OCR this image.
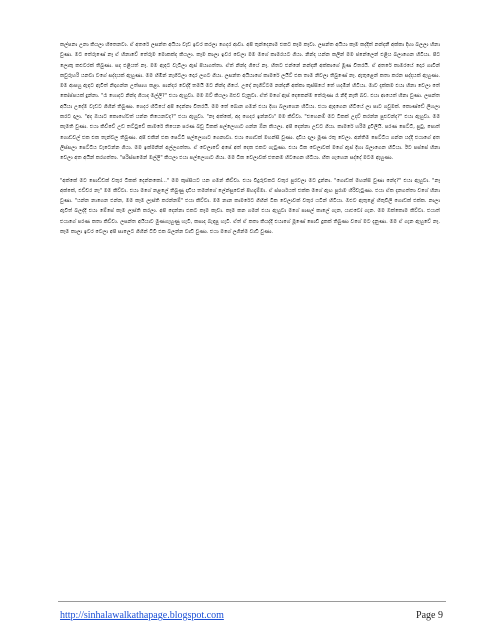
කල්පනා උනා කියලා හිතෙනවා. ඒ අතරේ ලසන්ත අයියා වැඩ ඉවර කරලා ගෙදර ආවා. අපි තුන්දෙනාම එකට කෑම කෑවා. ලසන්ත අයියා කෑම කද්දිත් නන්දනී අක්කා දිහා බලලා හිනා වුණා. මට තේරුණේ නෑ ඒ හිනාවේ තේරුම මොකක්ද කියලා. කෑම කාලා ඉවර වෙලා මම මගේ කාමරයට ගියා. නින්ද යන්න කලින් මම ජනේලෙන් එළිය බලාගෙන හිටියා. පිට ලොකු කළුවරක් තිබුණා. සද එළියත් නෑ. මම ඇඳට වැටිලා ඇස් පියාගත්තා. ඒත් නින්ද ගියේ නෑ. හිතට එන්නේ නන්දනී අක්කාගේ මූණ විතරයි. ඒ අතරේ කාමරයේ දොර ගාවින් කවුරුහරි යනවා වගේ සද්දයක් ඇහුණා. මම හිමින් නැගිටලා දොර ලගට ගියා. ලසන්ත අයියාගේ කාමරේ ලයිට් එක තාම නිවලා තිබුණේ නෑ. ඇතුළෙන් කතා කරන සද්දයක් ඇහුණා. මම ආපහු ඇඳට ඇවිත් නිදාගන්න උත්සාහ කළා. පාන්දර වෙද්දී තමයි මට නින්ද ගියේ. උදේ නැගිට්ටම නන්දනී අක්කා කුස්සියේ තේ හදමින් හිටියා. මාව දැක්කම එයා හිනා වෙලා තේ කෝප්පයක් දුන්නා. "රෑ හොදට නින්ද ගියාද මල්ලි?" එයා ඇහුවා. මම ඔව් කියලා ඔළුව වැනුවා. ඒත් මගේ ඇස් දෙකෙන්ම තේරුණා රෑ නිදි නැති බව. එයා ආයෙත් හිනා වුණා. ලසන්ත අයියා උදේම වැඩට ගිහින් තිබුණා. ගෙදර හිටියේ අපි දෙන්නා විතරයි. මම තේ බොන ගමන් එයා දිහා බලාගෙන හිටියා. එයා ඇඳගෙන හිටියේ ලා පාට ගවුමක්. කොණ්ඩේ ලිහලා කරට දාලා. "අද ඔයාට කොහේවත් යන්න තියෙනවද?" එයා ඇහුවා. "නෑ අක්කේ, අද ගෙදර ඉන්නවා" මම කිව්වා. "එහෙනම් මට ටිකක් උදව් කරන්න පුළුවන්ද?" එයා ඇහුවා. මම කැමති වුණා. එයා කිව්වේ උඩ තට්ටුවේ කාමරේ තියෙන පරණ බඩු ටිකක් පල්ලෙහාට ගන්න ඕන කියලා. අපි දෙන්නා උඩට ගියා. කාමරේ හරිම දූවිලියි. පරණ පෙට්ටි, පුටු, පොත් ගොඩවල් එක එක තැන්වල තිබුණා. අපි එකින් එක පෙට්ටි පල්ලෙහාට ගෙනාවා. එයා ගොඩක් මහන්සි වුණා. දාඩිය දාලා මූණ රතු වෙලා. අන්තිම පෙට්ටිය ගන්න යද්දී එයාගේ අත ලිස්සලා පෙට්ටිය වැටෙන්න ගියා. මම ඉක්මනින් අල්ලගත්තා. ඒ වෙලාවේ අපේ අත් දෙක එකට ගැටුණා. එයා ටික වෙලාවක් මගේ ඇස් දිහා බලාගෙන හිටියා. ඊට පස්සේ හිනා වෙලා අත අයින් කරගත්තා. "පරිස්සමෙන් මල්ලි" කියලා එයා පල්ලෙහාට ගියා. මම ටික වෙලාවක් එතනම හිටගෙන හිටියා. හිත ගැහෙන සද්දේ මටම ඇහුණා.

"අක්කේ මට පොඩ්ඩක් වතුර ටිකක් දෙන්නකෝ..." මම කුස්සියට යන ගමන් කිව්වා. එයා වීදුරුවකට වතුර පුරවලා මට දුන්නා. "ගොඩක් මහන්සි වුණා නේද?" එයා ඇහුවා. "නෑ අක්කේ, එච්චර නෑ" මම කිව්වා. එයා මගේ නළලේ තිබුණු දාඩිය තමන්ගේ ලේන්සුවෙන් පිහදැම්මා. ඒ ස්පර්ශයත් එක්ක මගේ ඇඟ පුරාම හිරිවැටුණා. එයා ඒක දැනගත්තා වගේ හිනා වුණා. "යන්න නාගෙන එන්න, මම කෑම ලෑස්ති කරන්නම්" එයා කිව්වා. මම නාන කාමරේට ගිහින් ටික වෙලාවක් වතුර යටින් හිටියා. ඔළුව ඇතුළේ හිතුවිලි ගොඩක් එක්ක. නාලා ඇවිත් බලද්දී එයා මේසේ කෑම ලෑස්ති කරලා. අපි දෙන්නා එකට කෑම කෑවා. කෑම කන ගමන් එයා ඇහුවා මගේ පාසල් කාලේ ගැන, යාළුවෝ ගැන. මම ඔක්කොම කිව්වා. එයාත් එයාගේ පරණ කතා කිව්වා. ලසන්ත අයියාව මුණගැහුණු හැටි, කසාද බැඳපු හැටි. ඒත් ඒ කතා කියද්දී එයාගේ මූණේ පොඩි දුකක් තිබුණා වගේ මට දැනුණා. මම ඒ ගැන ඇහුවේ නෑ. කෑම කාලා ඉවර වෙලා අපි සාලෙට ගිහින් ටීවී එක බලන්න වාඩි වුණා. එයා මගේ ලගින්ම වාඩි වුණා.

http://sinhalawalkathapage.blogspot.com	Page 9
